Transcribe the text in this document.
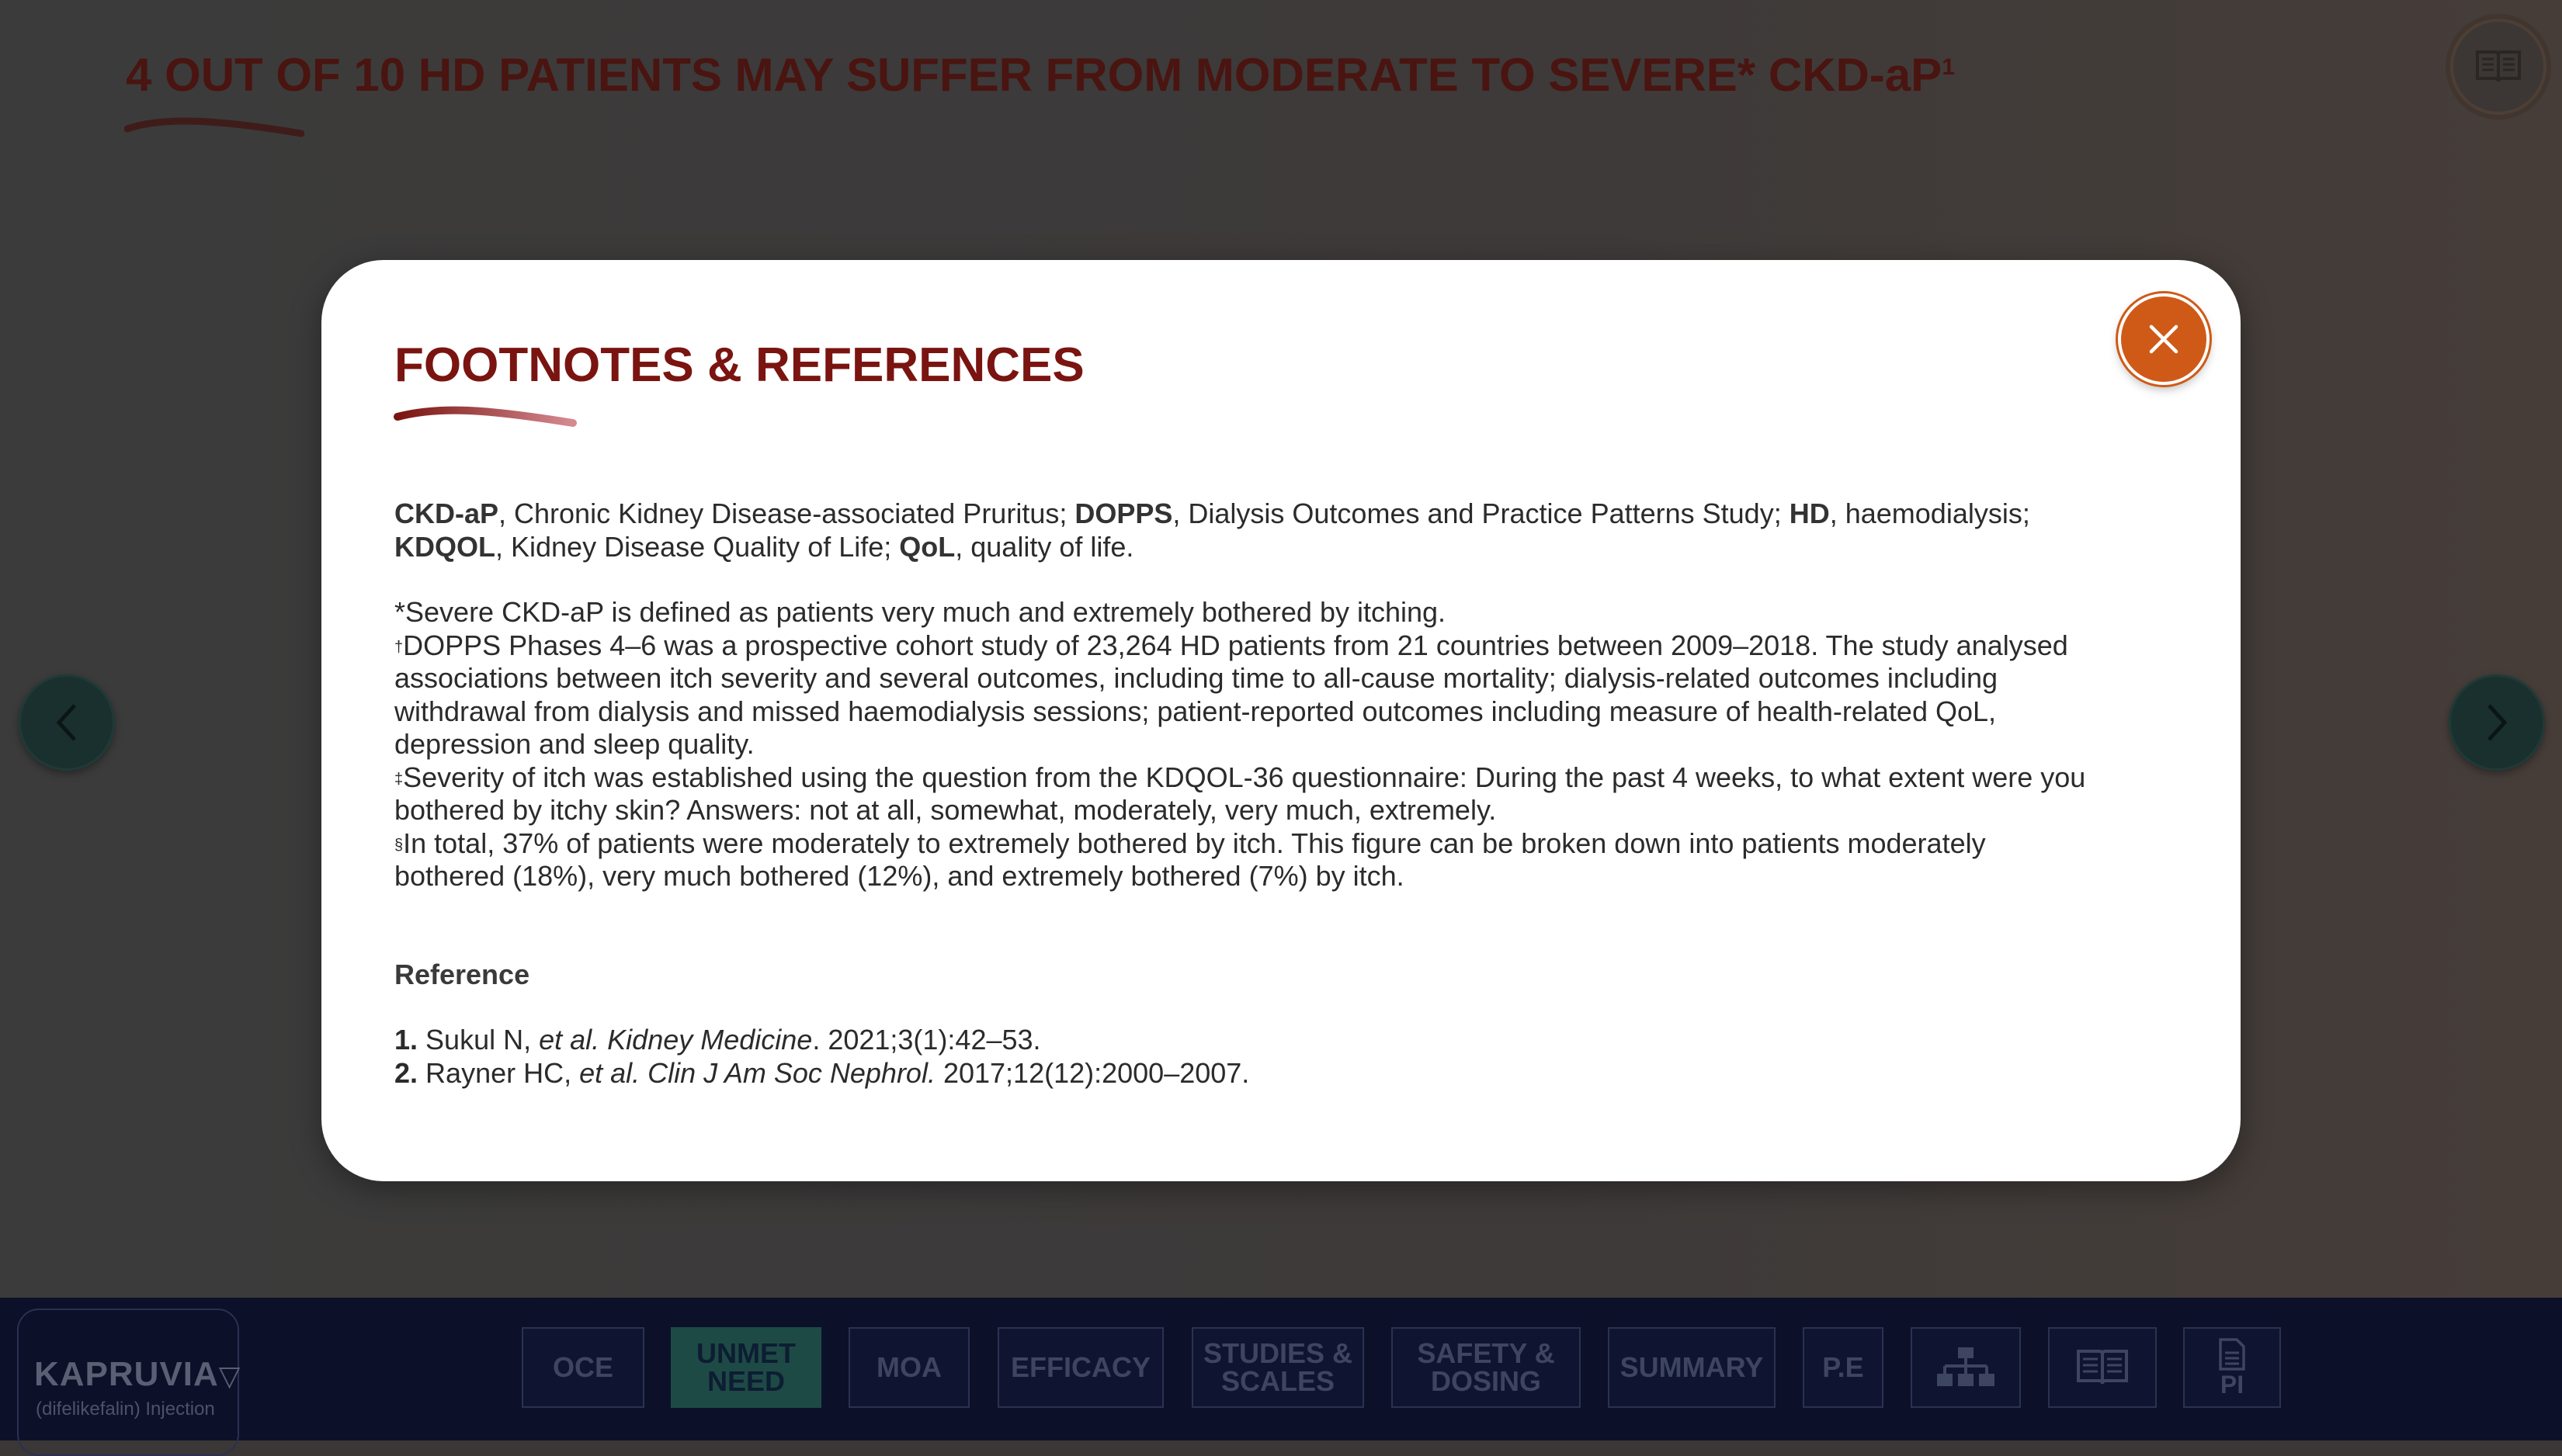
4 OUT OF 10 HD PATIENTS MAY SUFFER FROM MODERATE TO SEVERE* CKD-$aP^1$
KAPRUVIA▽
(difelikefalin) Injection
OCE	UNMET
NEED	MOA	EFFICACY	STUDIES &
SCALES
SAFETY &
DOSING	SUMMARY	P.E
PI
FOOTNOTES & REFERENCES

CKD-aP, Chronic Kidney Disease-associated Pruritus; DOPPS, Dialysis Outcomes and Practice Patterns Study; HD, haemodialysis;
KDQOL, Kidney Disease Quality of Life; QoL, quality of life.

*Severe CKD-aP is defined as patients very much and extremely bothered by itching.

†DOPPS Phases 4–6 was a prospective cohort study of 23,264 HD patients from 21 countries between 2009–2018. The study analysed associations between itch severity and several outcomes, including time to all-cause mortality; dialysis-related outcomes including withdrawal from dialysis and missed haemodialysis sessions; patient-reported outcomes including measure of health-related QoL, depression and sleep quality.

‡Severity of itch was established using the question from the KDQOL-36 questionnaire: During the past 4 weeks, to what extent were you bothered by itchy skin? Answers: not at all, somewhat, moderately, very much, extremely.

§In total, 37% of patients were moderately to extremely bothered by itch. This figure can be broken down into patients moderately bothered (18%), very much bothered (12%), and extremely bothered (7%) by itch.

Reference

1. Sukul N, et al. Kidney Medicine. 2021;3(1):42–53.

2. Rayner HC, et al. Clin J Am Soc Nephrol. 2017;12(12):2000–2007.
